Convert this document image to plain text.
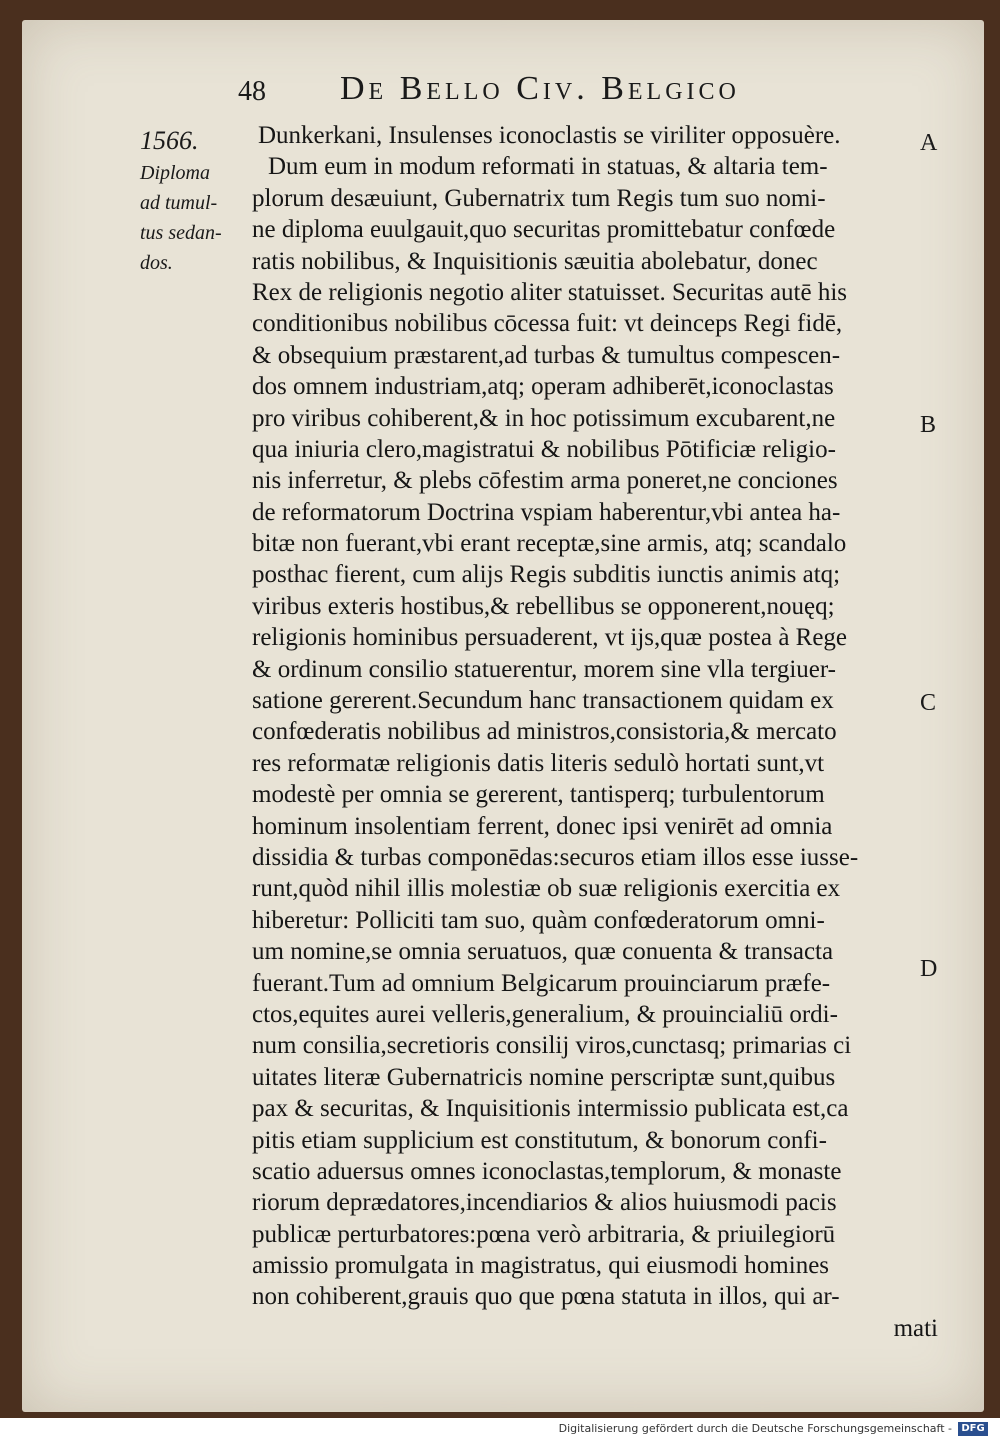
48 De Bello Civ. Belgico
1566.
Diploma
ad tumul-
tus sedan-
dos.
A
B
C
D
Dunkerkani, Insulenses iconoclastis se viriliter opposuère.
Dum eum in modum reformati in statuas, & altaria tem-
plorum desæuiunt, Gubernatrix tum Regis tum suo nomi-
ne diploma euulgauit,quo securitas promittebatur confœde
ratis nobilibus, & Inquisitionis sæuitia abolebatur, donec
Rex de religionis negotio aliter statuisset. Securitas autē his
conditionibus nobilibus cōcessa fuit: vt deinceps Regi fidē,
& obsequium præstarent,ad turbas & tumultus compescen-
dos omnem industriam,atq; operam adhiberēt,iconoclastas
pro viribus cohiberent,& in hoc potissimum excubarent,ne
qua iniuria clero,magistratui & nobilibus Pōtificiæ religio-
nis inferretur, & plebs cōfestim arma poneret,ne conciones
de reformatorum Doctrina vspiam haberentur,vbi antea ha-
bitæ non fuerant,vbi erant receptæ,sine armis, atq; scandalo
posthac fierent, cum alijs Regis subditis iunctis animis atq;
viribus exteris hostibus,& rebellibus se opponerent,nouęq;
religionis hominibus persuaderent, vt ijs,quæ postea à Rege
& ordinum consilio statuerentur, morem sine vlla tergiuer-
satione gererent.Secundum hanc transactionem quidam ex
confœderatis nobilibus ad ministros,consistoria,& mercato
res reformatæ religionis datis literis sedulò hortati sunt,vt
modestè per omnia se gererent, tantisperq; turbulentorum
hominum insolentiam ferrent, donec ipsi venirēt ad omnia
dissidia & turbas componēdas:securos etiam illos esse iusse-
runt,quòd nihil illis molestiæ ob suæ religionis exercitia ex
hiberetur: Polliciti tam suo, quàm confœderatorum omni-
um nomine,se omnia seruatuos, quæ conuenta & transacta
fuerant.Tum ad omnium Belgicarum prouinciarum præfe-
ctos,equites aurei velleris,generalium, & prouincialiū ordi-
num consilia,secretioris consilij viros,cunctasq; primarias ci
uitates literæ Gubernatricis nomine perscriptæ sunt,quibus
pax & securitas, & Inquisitionis intermissio publicata est,ca
pitis etiam supplicium est constitutum, & bonorum confi-
scatio aduersus omnes iconoclastas,templorum, & monaste
riorum deprædatores,incendiarios & alios huiusmodi pacis
publicæ perturbatores:pœna verò arbitraria, & priuilegiorū
amissio promulgata in magistratus, qui eiusmodi homines
non cohiberent,grauis quo que pœna statuta in illos, qui ar-
mati
Digitalisierung gefördert durch die Deutsche Forschungsgemeinschaft - DFG
